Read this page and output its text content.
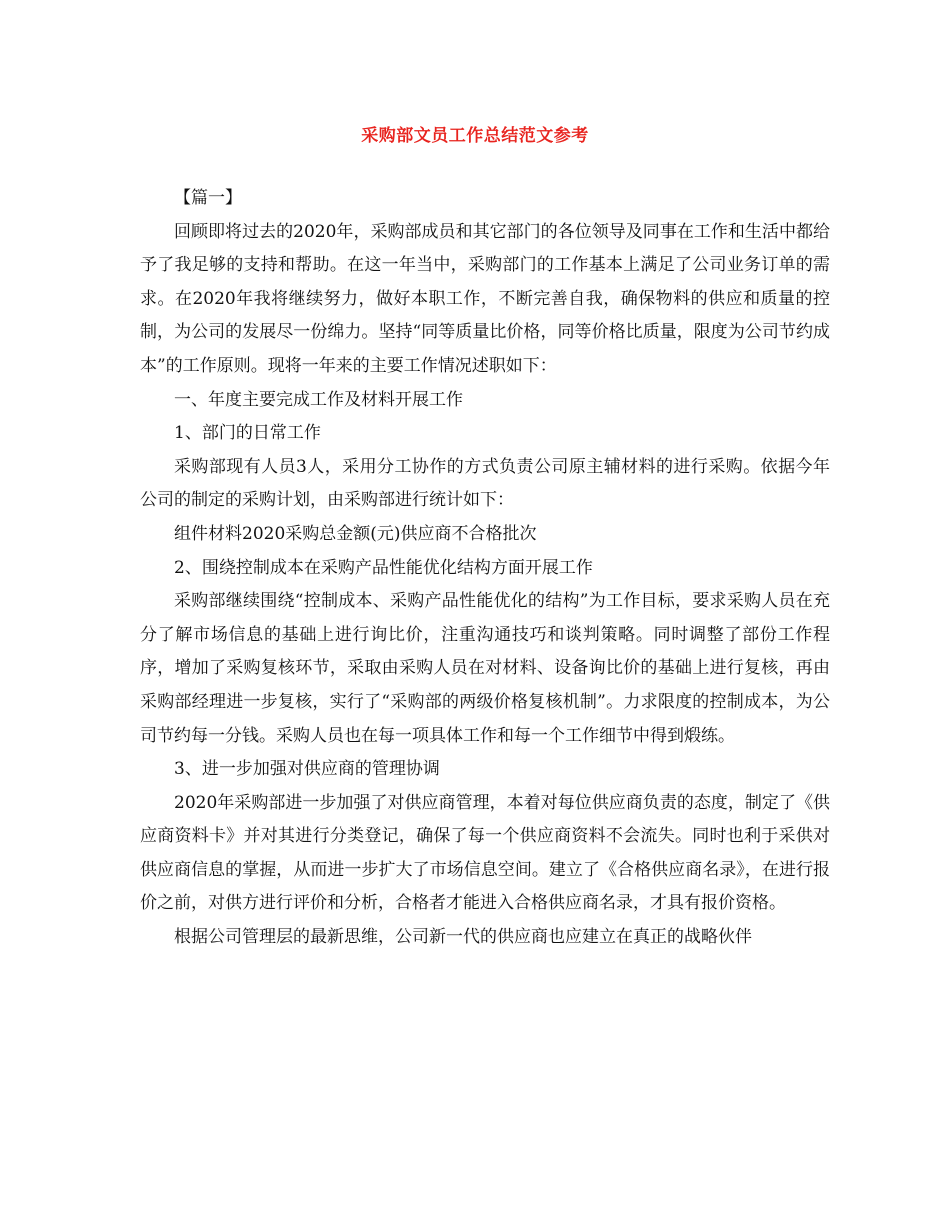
采购部文员工作总结范文参考

【篇一】

回顾即将过去的2020年，采购部成员和其它部门的各位领导及同事在工作和生活中都给予了我足够的支持和帮助。在这一年当中，采购部门的工作基本上满足了公司业务订单的需求。在2020年我将继续努力，做好本职工作，不断完善自我，确保物料的供应和质量的控制，为公司的发展尽一份绵力。坚持“同等质量比价格，同等价格比质量，限度为公司节约成本”的工作原则。现将一年来的主要工作情况述职如下：

一、年度主要完成工作及材料开展工作

1、部门的日常工作

采购部现有人员3人，采用分工协作的方式负责公司原主辅材料的进行采购。依据今年公司的制定的采购计划，由采购部进行统计如下：

组件材料2020采购总金额(元)供应商不合格批次

2、围绕控制成本在采购产品性能优化结构方面开展工作

采购部继续围绕“控制成本、采购产品性能优化的结构”为工作目标，要求采购人员在充分了解市场信息的基础上进行询比价，注重沟通技巧和谈判策略。同时调整了部份工作程序，增加了采购复核环节，采取由采购人员在对材料、设备询比价的基础上进行复核，再由采购部经理进一步复核，实行了“采购部的两级价格复核机制”。力求限度的控制成本，为公司节约每一分钱。采购人员也在每一项具体工作和每一个工作细节中得到煅练。

3、进一步加强对供应商的管理协调

2020年采购部进一步加强了对供应商管理，本着对每位供应商负责的态度，制定了《供应商资料卡》并对其进行分类登记，确保了每一个供应商资料不会流失。同时也利于采供对供应商信息的掌握，从而进一步扩大了市场信息空间。建立了《合格供应商名录》，在进行报价之前，对供方进行评价和分析，合格者才能进入合格供应商名录，才具有报价资格。

根据公司管理层的最新思维，公司新一代的供应商也应建立在真正的战略伙伴
